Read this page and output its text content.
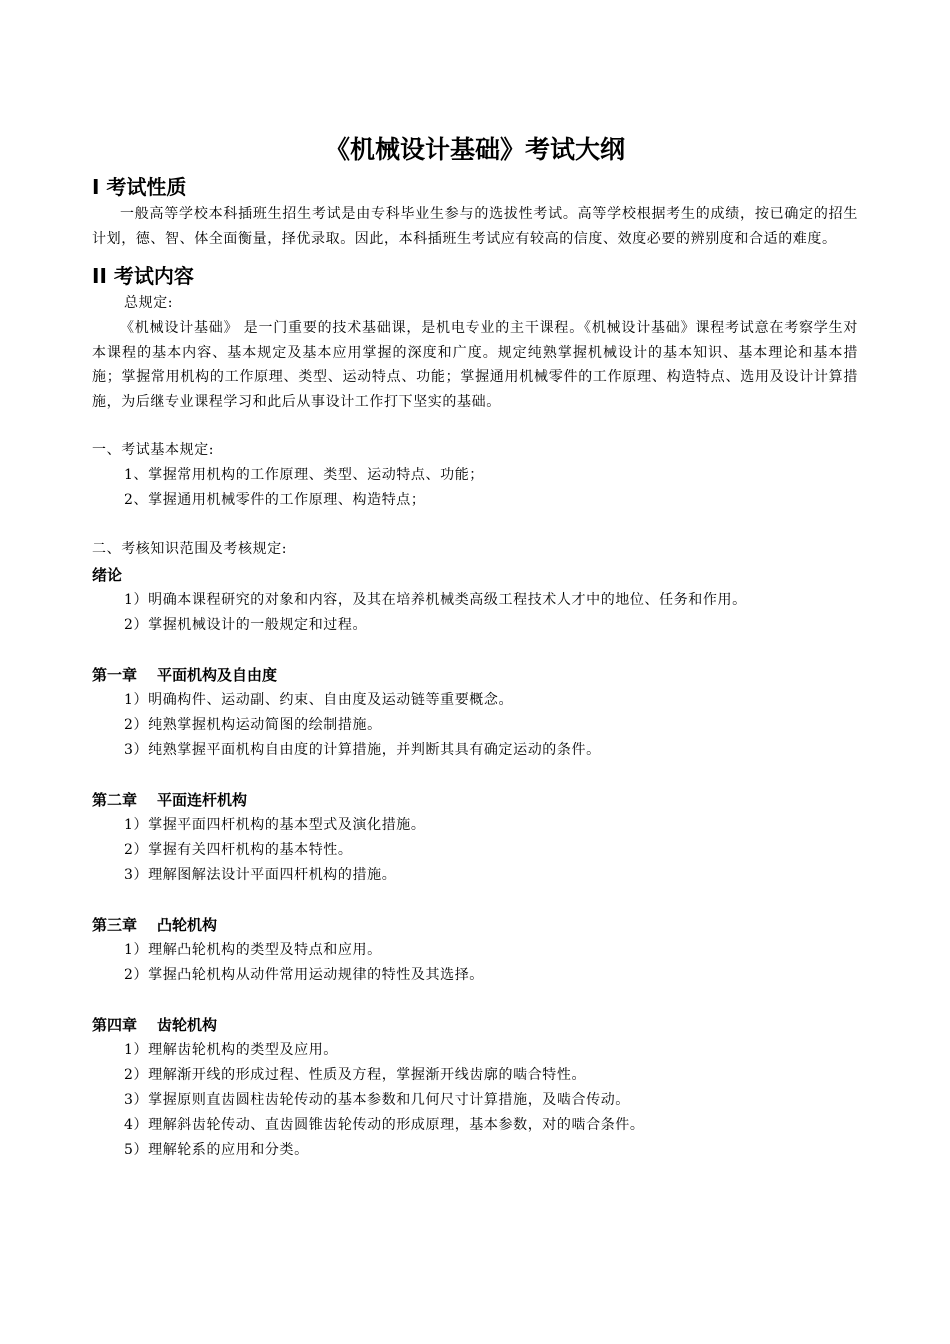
《机械设计基础》考试大纲
I 考试性质

一般高等学校本科插班生招生考试是由专科毕业生参与的选拔性考试。高等学校根据考生的成绩，按已确定的招生计划，德、智、体全面衡量，择优录取。因此，本科插班生考试应有较高的信度、效度必要的辨别度和合适的难度。

II 考试内容

总规定:

《机械设计基础》 是一门重要的技术基础课，是机电专业的主干课程。《机械设计基础》课程考试意在考察学生对本课程的基本内容、基本规定及基本应用掌握的深度和广度。规定纯熟掌握机械设计的基本知识、基本理论和基本措施；掌握常用机构的工作原理、类型、运动特点、功能；掌握通用机械零件的工作原理、构造特点、选用及设计计算措施，为后继专业课程学习和此后从事设计工作打下坚实的基础。

一、考试基本规定:

1、掌握常用机构的工作原理、类型、运动特点、功能；

2、掌握通用机械零件的工作原理、构造特点；

二、考核知识范围及考核规定:

绪论

1）明确本课程研究的对象和内容，及其在培养机械类高级工程技术人才中的地位、任务和作用。

2）掌握机械设计的一般规定和过程。

第一章 平面机构及自由度

1）明确构件、运动副、约束、自由度及运动链等重要概念。

2）纯熟掌握机构运动简图的绘制措施。

3）纯熟掌握平面机构自由度的计算措施，并判断其具有确定运动的条件。

第二章 平面连杆机构

1）掌握平面四杆机构的基本型式及演化措施。

2）掌握有关四杆机构的基本特性。

3）理解图解法设计平面四杆机构的措施。

第三章 凸轮机构

1）理解凸轮机构的类型及特点和应用。

2）掌握凸轮机构从动件常用运动规律的特性及其选择。

第四章 齿轮机构

1）理解齿轮机构的类型及应用。

2）理解渐开线的形成过程、性质及方程，掌握渐开线齿廓的啮合特性。

3）掌握原则直齿圆柱齿轮传动的基本参数和几何尺寸计算措施，及啮合传动。

4）理解斜齿轮传动、直齿圆锥齿轮传动的形成原理，基本参数，对的啮合条件。

5）理解轮系的应用和分类。
